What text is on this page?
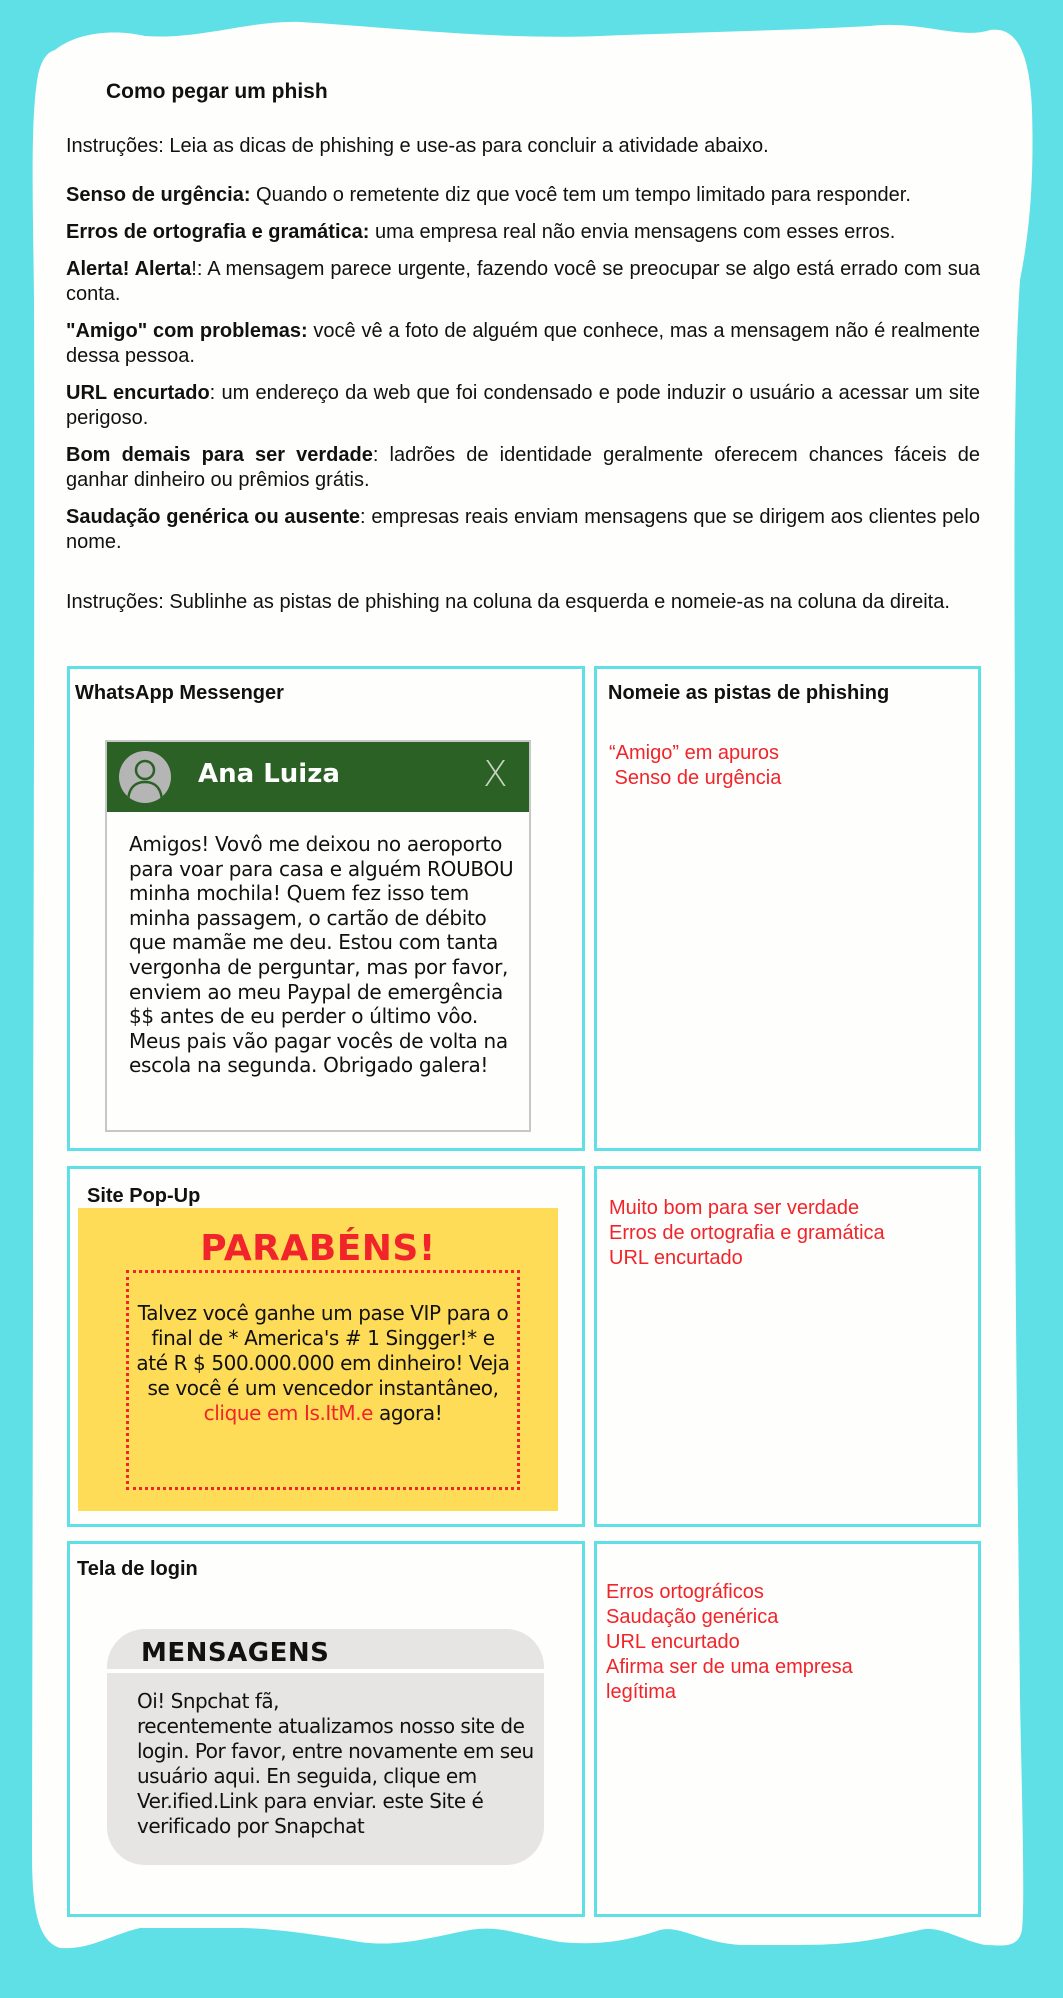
Como pegar um phish
Instruções: Leia as dicas de phishing e use-as para concluir a atividade abaixo.

Senso de urgência: Quando o remetente diz que você tem um tempo limitado para responder.

Erros de ortografia e gramática: uma empresa real não envia mensagens com esses erros.

Alerta! Alerta!: A mensagem parece urgente, fazendo você se preocupar se algo está errado com sua conta.

"Amigo" com problemas: você vê a foto de alguém que conhece, mas a mensagem não é realmente dessa pessoa.

URL encurtado: um endereço da web que foi condensado e pode induzir o usuário a acessar um site perigoso.

Bom demais para ser verdade: ladrões de identidade geralmente oferecem chances fáceis de ganhar dinheiro ou prêmios grátis.

Saudação genérica ou ausente: empresas reais enviam mensagens que se dirigem aos clientes pelo nome.

Instruções: Sublinhe as pistas de phishing na coluna da esquerda e nomeie-as na coluna da direita.
WhatsApp Messenger
Ana Luiza	X
Amigos! Vovô me deixou no aeroporto para voar para casa e alguém ROUBOU minha mochila! Quem fez isso tem minha passagem, o cartão de débito que mamãe me deu. Estou com tanta vergonha de perguntar, mas por favor, enviem ao meu Paypal de emergência $$ antes de eu perder o último vôo. Meus pais vão pagar vocês de volta na escola na segunda. Obrigado galera!
Nomeie as pistas de phishing
“Amigo” em apuros
Senso de urgência
Site Pop-Up
PARABÉNS!
Talvez você ganhe um pase VIP para o final de * America's # 1 Singger!* e até R $ 500.000.000 em dinheiro! Veja se você é um vencedor instantâneo, clique em Is.ItM.e agora!
Muito bom para ser verdade
Erros de ortografia e gramática
URL encurtado
Tela de login
MENSAGENS
Oi! Snpchat fã,
recentemente atualizamos nosso site de login. Por favor, entre novamente em seu usuário aqui. En seguida, clique em Ver.ified.Link para enviar. este Site é verificado por Snapchat
Erros ortográficos
Saudação genérica
URL encurtado
Afirma ser de uma empresa
legítima
